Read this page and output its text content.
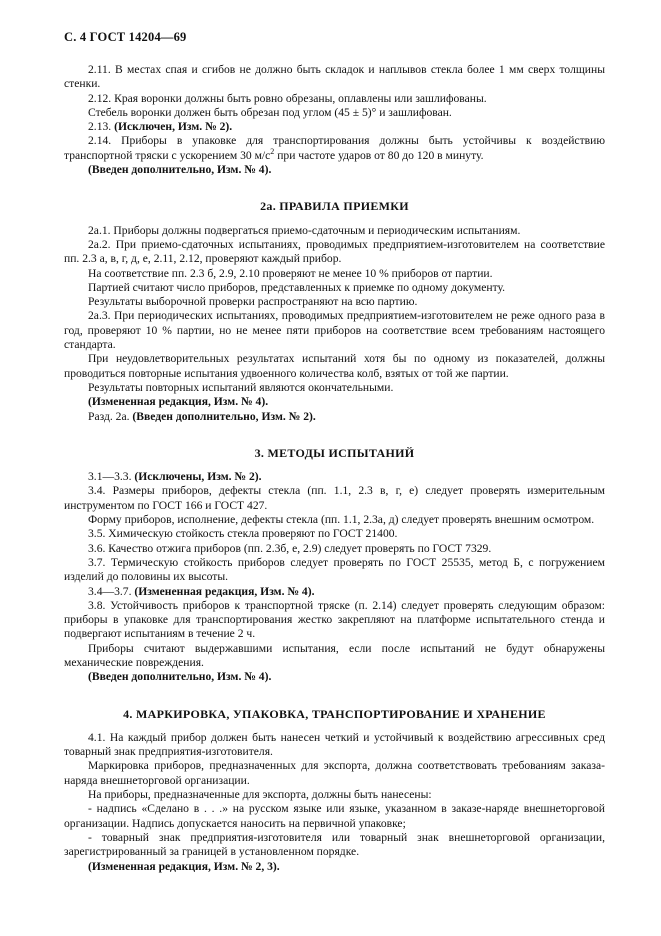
С. 4 ГОСТ 14204—69

2.11. В местах спая и сгибов не должно быть складок и наплывов стекла более 1 мм сверх толщины стенки.

2.12. Края воронки должны быть ровно обрезаны, оплавлены или зашлифованы.

Стебель воронки должен быть обрезан под углом (45 ± 5)° и зашлифован.

2.13. (Исключен, Изм. № 2).

2.14. Приборы в упаковке для транспортирования должны быть устойчивы к воздействию транспортной тряски с ускорением 30 $м/с^2$ при частоте ударов от 80 до 120 в минуту.

(Введен дополнительно, Изм. № 4).

2а. ПРАВИЛА ПРИЕМКИ

2а.1. Приборы должны подвергаться приемо-сдаточным и периодическим испытаниям.

2а.2. При приемо-сдаточных испытаниях, проводимых предприятием-изготовителем на соответствие пп. 2.3 а, в, г, д, е, 2.11, 2.12, проверяют каждый прибор.

На соответствие пп. 2.3 б, 2.9, 2.10 проверяют не менее 10 % приборов от партии.

Партией считают число приборов, представленных к приемке по одному документу.

Результаты выборочной проверки распространяют на всю партию.

2а.3. При периодических испытаниях, проводимых предприятием-изготовителем не реже одного раза в год, проверяют 10 % партии, но не менее пяти приборов на соответствие всем требованиям настоящего стандарта.

При неудовлетворительных результатах испытаний хотя бы по одному из показателей, должны проводиться повторные испытания удвоенного количества колб, взятых от той же партии.

Результаты повторных испытаний являются окончательными.

(Измененная редакция, Изм. № 4).

Разд. 2а. (Введен дополнительно, Изм. № 2).

3. МЕТОДЫ ИСПЫТАНИЙ

3.1—3.3. (Исключены, Изм. № 2).

3.4. Размеры приборов, дефекты стекла (пп. 1.1, 2.3 в, г, е) следует проверять измерительным инструментом по ГОСТ 166 и ГОСТ 427.

Форму приборов, исполнение, дефекты стекла (пп. 1.1, 2.3а, д) следует проверять внешним осмотром.

3.5. Химическую стойкость стекла проверяют по ГОСТ 21400.

3.6. Качество отжига приборов (пп. 2.3б, е, 2.9) следует проверять по ГОСТ 7329.

3.7. Термическую стойкость приборов следует проверять по ГОСТ 25535, метод Б, с погружением изделий до половины их высоты.

3.4—3.7. (Измененная редакция, Изм. № 4).

3.8. Устойчивость приборов к транспортной тряске (п. 2.14) следует проверять следующим образом: приборы в упаковке для транспортирования жестко закрепляют на платформе испытательного стенда и подвергают испытаниям в течение 2 ч.

Приборы считают выдержавшими испытания, если после испытаний не будут обнаружены механические повреждения.

(Введен дополнительно, Изм. № 4).

4. МАРКИРОВКА, УПАКОВКА, ТРАНСПОРТИРОВАНИЕ И ХРАНЕНИЕ

4.1. На каждый прибор должен быть нанесен четкий и устойчивый к воздействию агрессивных сред товарный знак предприятия-изготовителя.

Маркировка приборов, предназначенных для экспорта, должна соответствовать требованиям заказа-наряда внешнеторговой организации.

На приборы, предназначенные для экспорта, должны быть нанесены:

- надпись «Сделано в . . .» на русском языке или языке, указанном в заказе-наряде внешнеторговой организации. Надпись допускается наносить на первичной упаковке;

- товарный знак предприятия-изготовителя или товарный знак внешнеторговой организации, зарегистрированный за границей в установленном порядке.

(Измененная редакция, Изм. № 2, 3).
